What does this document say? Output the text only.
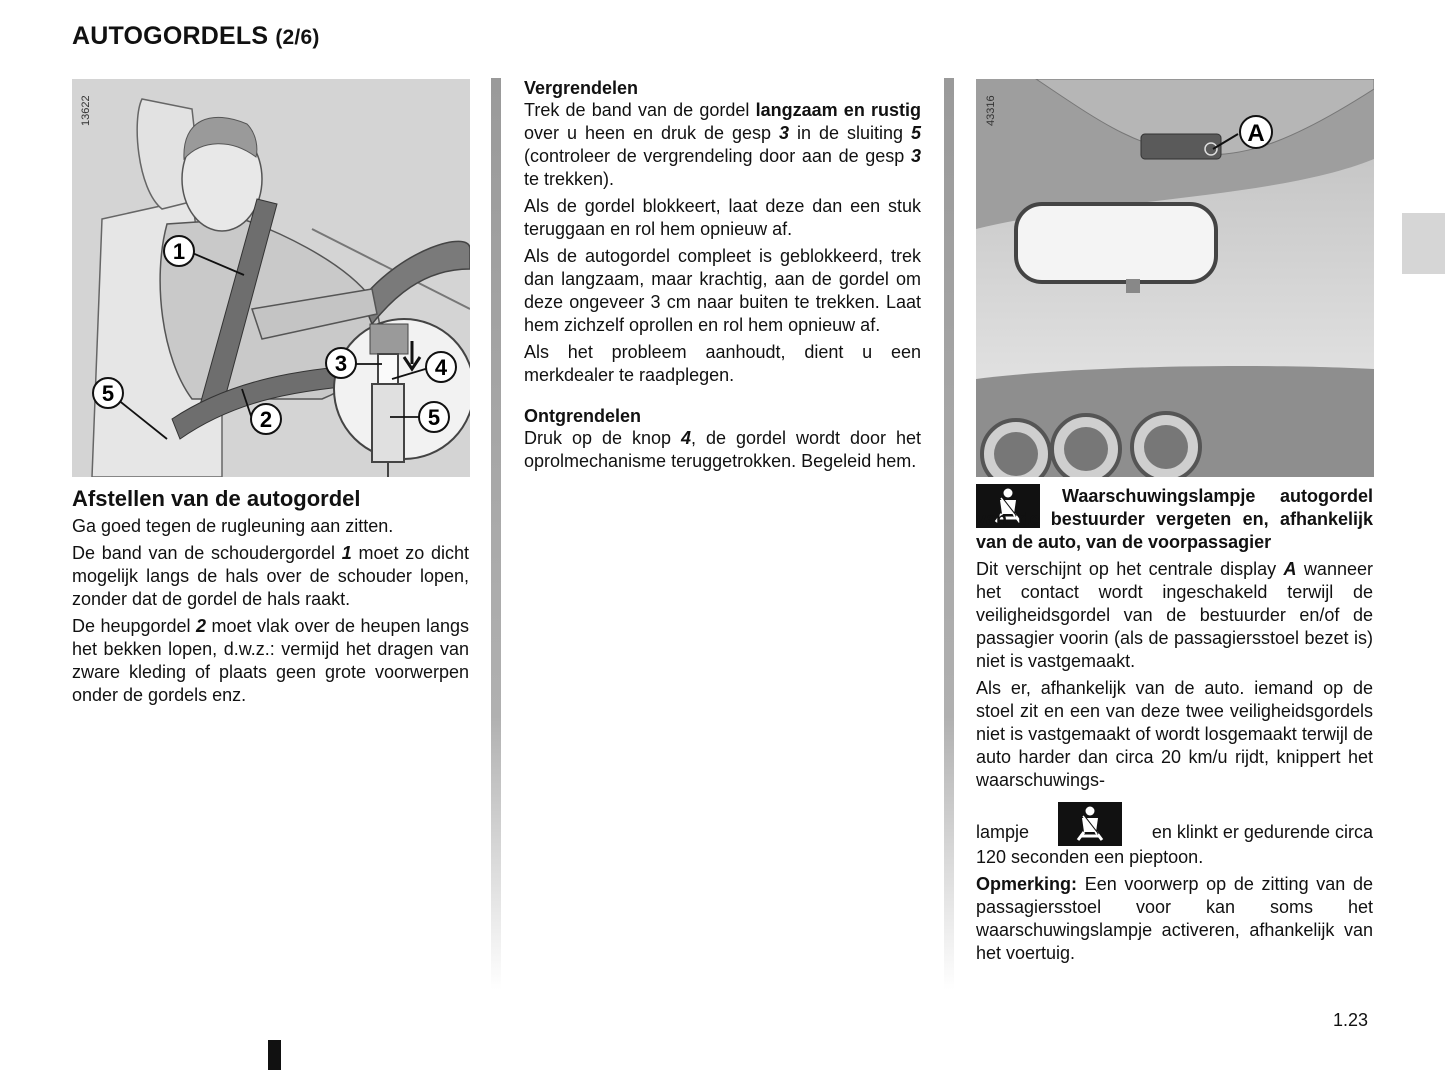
AUTOGORDELS (2/6)
1
2
3	4
5
5
13622
A
43316
Afstellen van de autogordel

Ga goed tegen de rugleuning aan zitten.

De band van de schoudergordel 1 moet zo dicht mogelijk langs de hals over de schouder lopen, zonder dat de gordel de hals raakt.

De heupgordel 2 moet vlak over de heupen langs het bekken lopen, d.w.z.: vermijd het dragen van zware kleding of plaats geen grote voorwerpen onder de gordels enz.

Vergrendelen

Trek de band van de gordel langzaam en rustig over u heen en druk de gesp 3 in de sluiting 5 (controleer de vergrendeling door aan de gesp 3 te trekken).

Als de gordel blokkeert, laat deze dan een stuk teruggaan en rol hem opnieuw af.

Als de autogordel compleet is geblokkeerd, trek dan langzaam, maar krachtig, aan de gordel om deze ongeveer 3 cm naar buiten te trekken. Laat hem zichzelf oprollen en rol hem opnieuw af.

Als het probleem aanhoudt, dient u een merkdealer te raadplegen.

Ontgrendelen

Druk op de knop 4, de gordel wordt door het oprolmechanisme teruggetrokken. Begeleid hem.

Waarschuwingslampje autogordel van de bestuurder vergeten en, afhankelijk van de auto, van de voorpassagier

Dit verschijnt op het centrale display A wanneer het contact wordt ingeschakeld terwijl de veiligheidsgordel van de bestuurder en/of de passagier voorin (als de passagiersstoel bezet is) niet is vastgemaakt.

Als er, afhankelijk van de auto. iemand op de stoel zit en een van deze twee veiligheidsgordels niet is vastgemaakt of wordt losgemaakt terwijl de auto harder dan circa 20 km/u rijdt, knippert het waarschuwings-

lampje	en klinkt er gedurende circa

120 seconden een pieptoon.

Opmerking: Een voorwerp op de zitting van de passagiersstoel voor kan soms het waarschuwingslampje activeren, afhankelijk van het voertuig.

1.23
